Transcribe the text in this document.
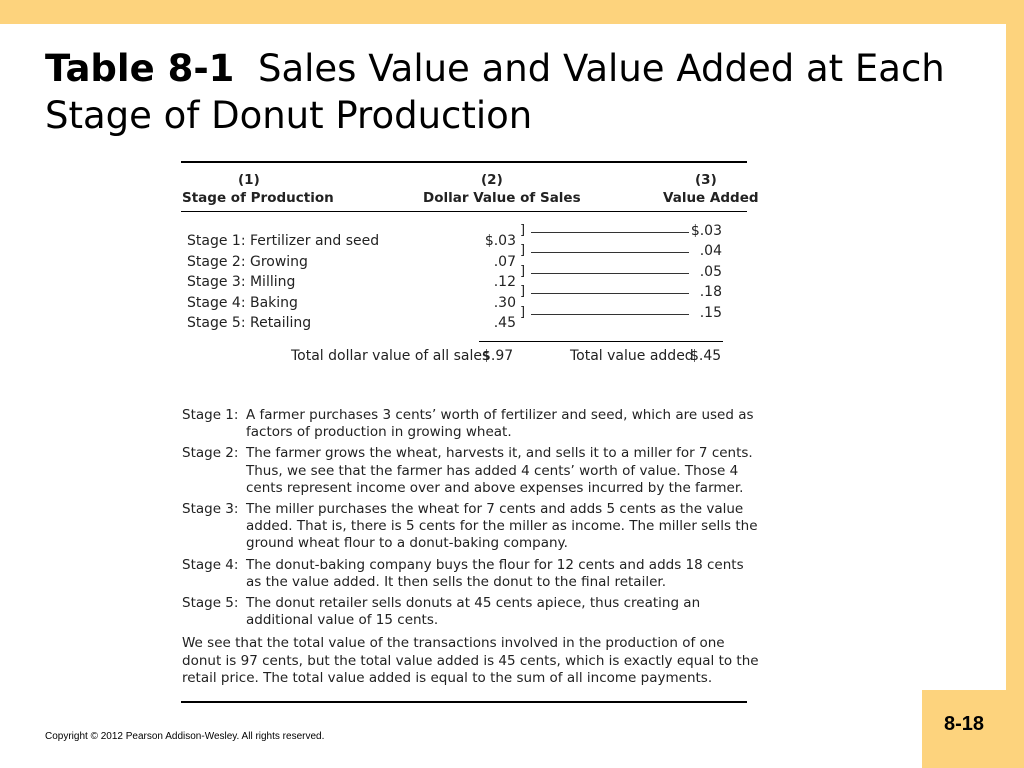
Table 8-1 Sales Value and Value Added at Each Stage of Donut Production
(1)
Stage of Production
(2)
Dollar Value of Sales
(3)
Value Added
Stage 1: Fertilizer and seed
Stage 2: Growing
Stage 3: Milling
Stage 4: Baking
Stage 5: Retailing
$.03
.07
.12
.30
.45
]
]
]
]
]
$.03
.04
.05
.18
.15
Total dollar value of all sales
$.97	Total value added
$.45
Stage 1: A farmer purchases 3 cents’ worth of fertilizer and seed, which are used as factors of production in growing wheat.
Stage 2: The farmer grows the wheat, harvests it, and sells it to a miller for 7 cents. Thus, we see that the farmer has added 4 cents’ worth of value. Those 4 cents represent income over and above expenses incurred by the farmer.
Stage 3: The miller purchases the wheat for 7 cents and adds 5 cents as the value added. That is, there is 5 cents for the miller as income. The miller sells the ground wheat flour to a donut-baking company.
Stage 4: The donut-baking company buys the flour for 12 cents and adds 18 cents as the value added. It then sells the donut to the final retailer.
Stage 5: The donut retailer sells donuts at 45 cents apiece, thus creating an additional value of 15 cents.
We see that the total value of the transactions involved in the production of one donut is 97 cents, but the total value added is 45 cents, which is exactly equal to the retail price. The total value added is equal to the sum of all income payments.
Copyright © 2012 Pearson Addison-Wesley. All rights reserved.
8-18
